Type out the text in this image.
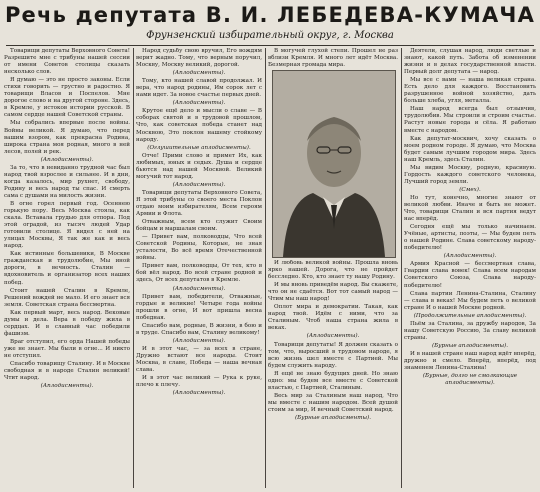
Речь депутата В. И. ЛЕБЕДЕВА-КУМАЧА
Фрунзенский избирательный округ, г. Москва

Товарищи депутаты Верховного Совета! Разрешите мне с трибуны нашей сессии от имени Советов столицы сказать несколько слов.

Я думаю — это не просто законы. Если стихи говорить — грустно и радостно. Я товарищи Власов и Поспелов. Мне дорогое слово и на другой стороне. Здесь, в Кремле, у истоков истории русской. В самом сердце нашей Советской страны.

Мы собрались впервые после войны. Войны великой. Я думаю, что перед вашим взором, как прекрасна Родина, широка страна моя родная, много в ней лесов, полей и рек.

(Аплодисменты).

За то, что в невиданно трудной час был народ твой взрослее и сильнее. И в дни, когда казалось, мир рухнет, свободу, Родину и весь народ ты спас. И смерть сама с душами на милость жизни.

В огне горел первый год. Осеннею горькую пору. Весь Москва стояла, как скала. Вставала грудью для отпора. Под этой оградой, из тысяч людей Удар готовили столице. Я видел с ней на улицах Москвы, Я так же как и весь народ.

Как истинные большевики, В Москве гражданская и трудолюбие, Мы иной дороги, в вечность. Сталин — вдохновитель и организатор всех наших побед.

Стоит нашей Сталин в Кремле, Решений вождей не мало. И его знает вся земля. Советская страна бессмертна.

Как первый март, весь народ. Вековые думы и дела. Вера в победу жила в сердцах. И в славный час победили фашизм.

Враг отступил, его орда Нашей победы уже не знает. Мы были в огне... И никто не отступил.

Спасибо товарищу Сталину. И в Москве свободная и в народе Сталин великий! Чтит народ.

(Аплодисменты).

Народ судьбу свою вручил, Его вождям верит жадно. Тому, что верным поручил, Москву, Москву великий, дорогой.

(Аплодисменты).

Тому, кто нашей славой продолжал. И вера, что народ родины, Им сорок лет с нами идет. За новое счастье первых дней.

(Аплодисменты).

Крутое ещё дело и мысли о славе — В соборах святой и в трудовой прошлом, Что, как советская победа станет над Москвою, Это поклон нашему стойкому народу.

(Оглушительные аплодисменты).

Отче! Прими слово и примет Их, как любимых, юных и седых. Душа и сердце бьются над нашей Москвой. Великий могучий тот народ.

(Аплодисменты).

Товарищи депутаты Верховного Совета, Я этой трибуны со своего места Поклон отдаю моим избирателям, Всем героям Армии и Флота.

Отважным, всем кто служит Своим бойцам и маршалам своим.

— Привет вам, полководцы, Что всей Советской Родины, Которые, не зная усталости, Во всё время Отечественной войны.

Привет вам, полководцы, От тех, кто в бой вёл народ. Во всей стране родной и здесь, От всех депутатов в Кремле.

(Аплодисменты).

Привет вам, победители, Отважные, гордые и великие! Четыре года войны прошли в огне, И вот пришла весна победная.

Спасибо вам, родные, В жизни, в бою и в труде. Спасибо вам, Сталину великому!

(Аплодисменты).

И в этот час, — за всех в стране, Дружно встают все народы. Стоит Москва, в славе, Победа — наша вечная слава.

И в этот час великий — Рука к руке, плечо к плечу.

(Аплодисменты).

В могучей глухой степи. Прошел не раз вблизи Кремля. И много лет идёт Москва. Безмерная громада мира.

И любовь великой войны. Прошла вновь ярко нашей. Дорога, что не пройдет бесследно. Кто, кто знает ту нашу Родину.

И мы вновь приведём народ. Вы скажете, что он не сдаётся. Вот тот самый народ — Чтим мы наш народ!

Оплот мира и демократии. Такая, как народ твой. Идём с ними, что за Сталиным. Чтоб наша страна жила в веках.

(Аплодисменты).

Товарищи депутаты! Я должен сказать о том, что, выросший в трудовом народе, я всю жизнь шел вместе с Партией. Мы будем служить народу.

Я ещё не знаю будущих дней. Но знаю одно: мы будем все вместе с Советской властью, с Партией, Сталиным.

Весь мир за Сталиным наш народ, Что мы вместе с нашим народом. Всей душой стоим за мир, И вечный Советский народ.

(Бурные аплодисменты).

Деятели, слушая народ, люди светлые и знают, какой путь. Забота об изменении жизни и в делах государственной власти. Первый долг депутата — народ.

Мы все с вами — наша великая страна. Есть дело для каждого. Восстановить разрушенное войной хозяйство, дать больше хлеба, угля, металла.

Наш народ всегда был отзывчив, трудолюбив. Мы строили и строим счастье. Растут новые города и сёла. Я работаю вместе с народом.

Как депутат-москвич, хочу сказать о моем родном городе. Я думаю, что Москва будет самым лучшим городом мира. Здесь наш Кремль, здесь Сталин.

Мы видим Москву, родную, красивую. Гордость каждого советского человека, Лучший город земли.

(Смех).

Но тут, конечно, многие знают от великой любви. Иначе и быть не может. Что, товарищи Сталин и вся партия ведут нас вперёд.

Сегодня ещё мы только начинаем. Учёные, артисты, поэты, — Мы будем петь о нашей Родине. Слава советскому народу-победителю!

(Аплодисменты).

Армия Красной — бессмертная слава, Гвардии слава вовек! Слава всем народам Советского Союза, Слава народу-победителю!

Слава партии Ленина-Сталина, Сталину — слава в веках! Мы будем петь о великой стране И о нашей Москве родной.

(Продолжительные аплодисменты).

Пьём за Сталина, за дружбу народов, За нашу Советскую Россию, За славу великой страны.

(Бурные аплодисменты).

И в нашей стране наш народ идёт вперёд, дружно и смело. Вперёд, вперёд, под знаменем Ленина-Сталина!

(Бурные, долго не смолкающие аплодисменты).
